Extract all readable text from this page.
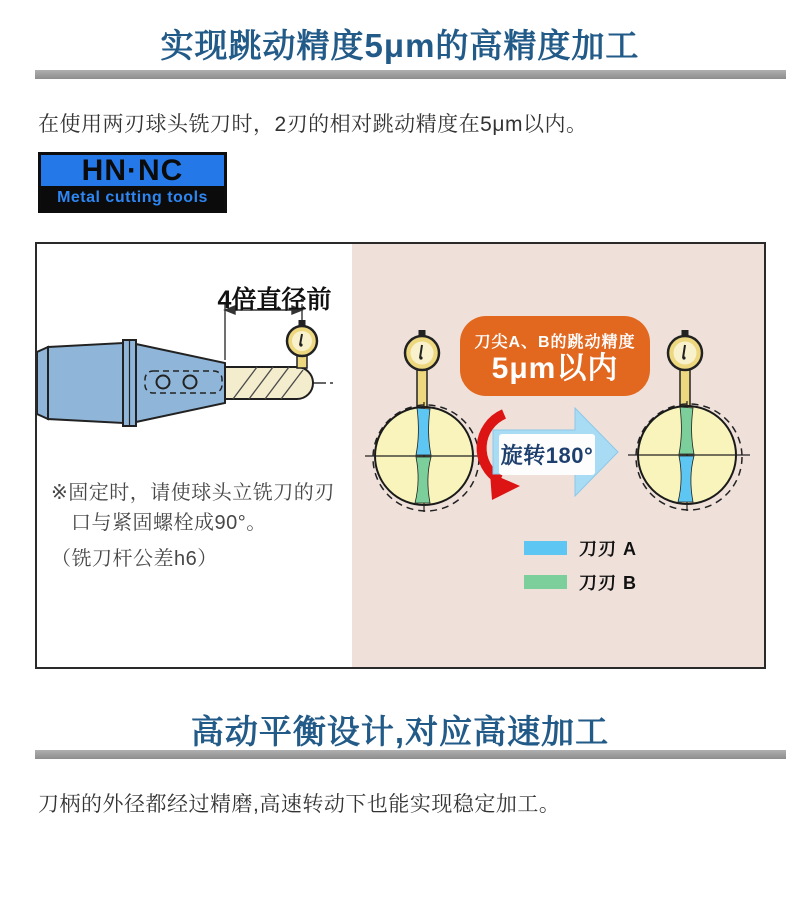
实现跳动精度5μm的高精度加工
在使用两刃球头铣刀时，2刃的相对跳动精度在5μm以内。
HN·NC
Metal cutting tools
4倍直径前
※固定时，请使球头立铣刀的刃
口与紧固螺栓成90°。
（铣刀杆公差h6）
刀尖A、B的跳动精度
5μm以内
旋转180°
刀刃 A
刀刃 B
高动平衡设计,对应高速加工
刀柄的外径都经过精磨,高速转动下也能实现稳定加工。
